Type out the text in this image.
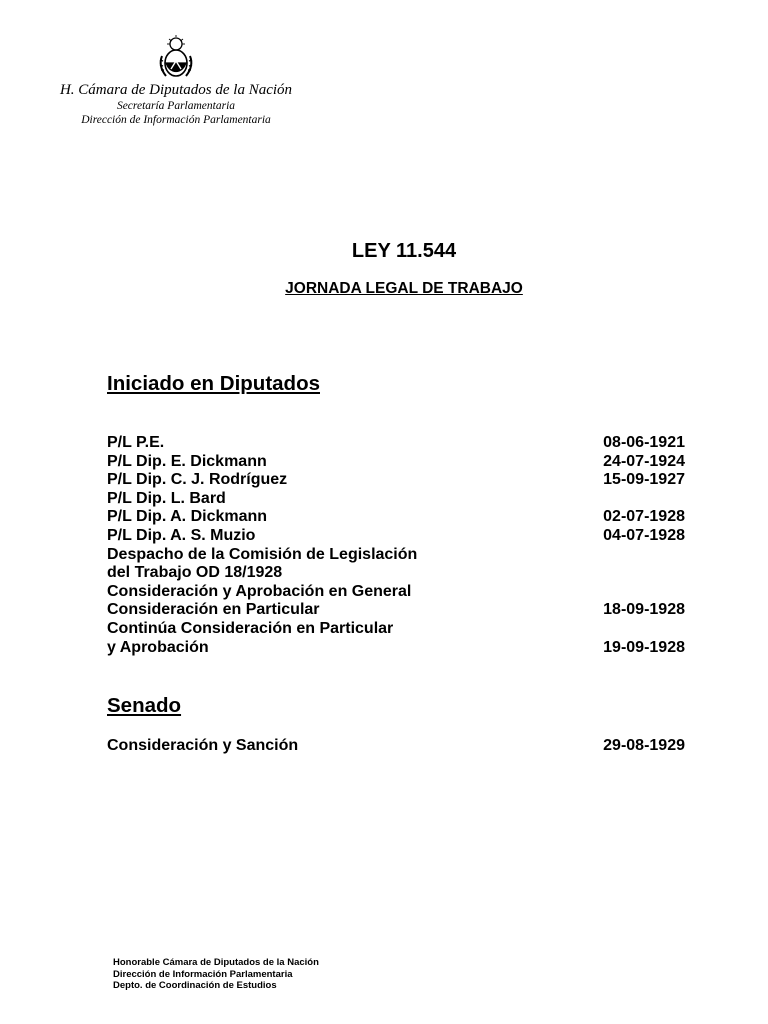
H. Cámara de Diputados de la Nación
Secretaría Parlamentaria
Dirección de Información Parlamentaria
LEY 11.544
JORNADA LEGAL DE TRABAJO
Iniciado en Diputados
P/L P.E.	08-06-1921
P/L Dip. E. Dickmann	24-07-1924
P/L Dip. C. J. Rodríguez	15-09-1927
P/L Dip. L. Bard
P/L Dip. A. Dickmann	02-07-1928
P/L Dip. A. S. Muzio	04-07-1928
Despacho de la Comisión de Legislación
del Trabajo OD 18/1928
Consideración y Aprobación en General
Consideración en Particular	18-09-1928
Continúa Consideración en Particular
y Aprobación	19-09-1928
Senado
Consideración y Sanción	29-08-1929
Honorable Cámara de Diputados de la Nación
Dirección de Información Parlamentaria
Depto. de Coordinación de Estudios
